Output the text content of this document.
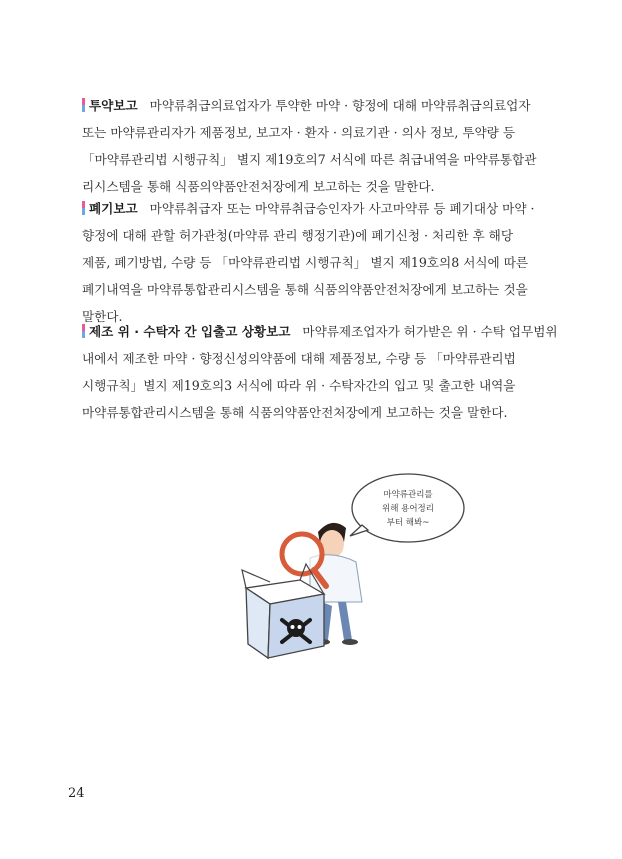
투약보고 마약류취급의료업자가 투약한 마약 · 향정에 대해 마약류취급의료업자
또는 마약류관리자가 제품정보, 보고자 · 환자 · 의료기관 · 의사 정보, 투약량 등
「마약류관리법 시행규칙」 별지 제19호의7 서식에 따른 취급내역을 마약류통합관
리시스템을 통해 식품의약품안전처장에게 보고하는 것을 말한다.
폐기보고 마약류취급자 또는 마약류취급승인자가 사고마약류 등 폐기대상 마약 ·
향정에 대해 관할 허가관청(마약류 관리 행정기관)에 폐기신청 · 처리한 후 해당
제품, 폐기방법, 수량 등 「마약류관리법 시행규칙」 별지 제19호의8 서식에 따른
폐기내역을 마약류통합관리시스템을 통해 식품의약품안전처장에게 보고하는 것을
말한다.
제조 위 · 수탁자 간 입출고 상황보고 마약류제조업자가 허가받은 위 · 수탁 업무범위
내에서 제조한 마약 · 향정신성의약품에 대해 제품정보, 수량 등 「마약류관리법
시행규칙」별지 제19호의3 서식에 따라 위 · 수탁자간의 입고 및 출고한 내역을
마약류통합관리시스템을 통해 식품의약품안전처장에게 보고하는 것을 말한다.
마약류관리를
위해 용어정리
부터 해봐~
24
